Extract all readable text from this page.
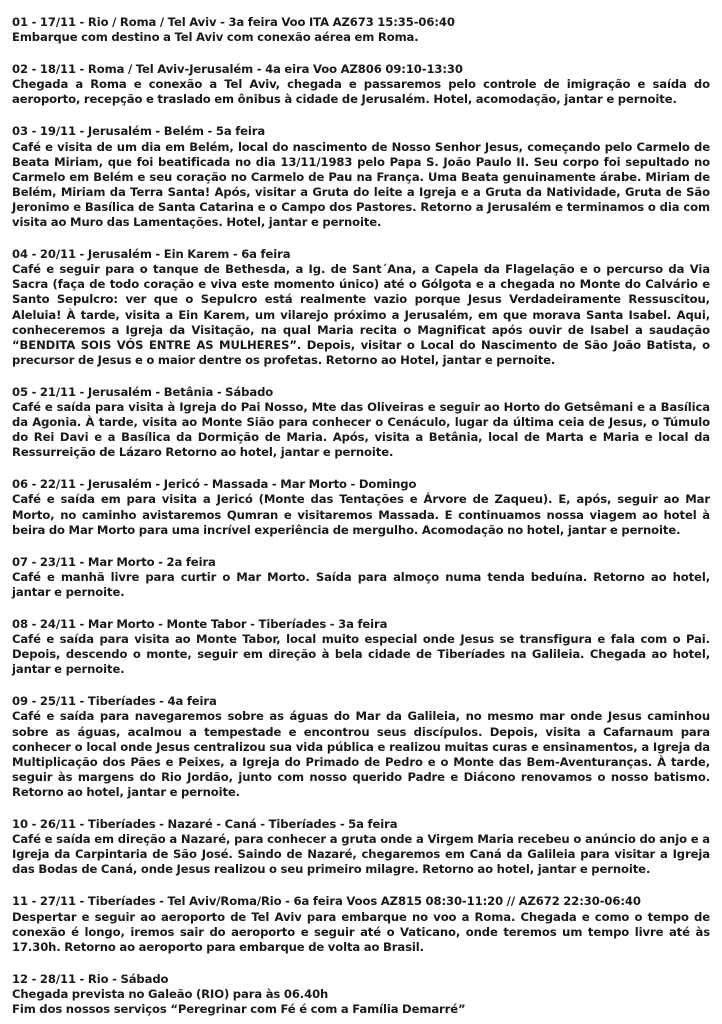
01 - 17/11 - Rio / Roma / Tel Aviv - 3a feira Voo ITA AZ673 15:35-06:40

Embarque com destino a Tel Aviv com conexão aérea em Roma.

02 - 18/11 - Roma / Tel Aviv-Jerusalém - 4a eira Voo AZ806 09:10-13:30

Chegada a Roma e conexão a Tel Aviv, chegada e passaremos pelo controle de imigração e saída do aeroporto, recepção e traslado em ônibus à cidade de Jerusalém. Hotel, acomodação, jantar e pernoite.

03 - 19/11 - Jerusalém - Belém - 5a feira

Café e visita de um dia em Belém, local do nascimento de Nosso Senhor Jesus, começando pelo Carmelo de Beata Miriam, que foi beatificada no dia 13/11/1983 pelo Papa S. João Paulo II. Seu corpo foi sepultado no Carmelo em Belém e seu coração no Carmelo de Pau na França. Uma Beata genuinamente árabe. Miriam de Belém, Miriam da Terra Santa! Após, visitar a Gruta do leite a Igreja e a Gruta da Natividade, Gruta de São Jeronimo e Basílica de Santa Catarina e o Campo dos Pastores. Retorno a Jerusalém e terminamos o dia com visita ao Muro das Lamentações. Hotel, jantar e pernoite.

04 - 20/11 - Jerusalém - Ein Karem - 6a feira

Café e seguir para o tanque de Bethesda, a Ig. de Sant´Ana, a Capela da Flagelação e o percurso da Via Sacra (faça de todo coração e viva este momento único) até o Gólgota e a chegada no Monte do Calvário e Santo Sepulcro: ver que o Sepulcro está realmente vazio porque Jesus Verdadeiramente Ressuscitou, Aleluia! À tarde, visita a Ein Karem, um vilarejo próximo a Jerusalém, em que morava Santa Isabel. Aqui, conheceremos a Igreja da Visitação, na qual Maria recita o Magnificat após ouvir de Isabel a saudação “BENDITA SOIS VÓS ENTRE AS MULHERES”. Depois, visitar o Local do Nascimento de São João Batista, o precursor de Jesus e o maior dentre os profetas. Retorno ao Hotel, jantar e pernoite.

05 - 21/11 - Jerusalém - Betânia - Sábado

Café e saída para visita à Igreja do Pai Nosso, Mte das Oliveiras e seguir ao Horto do Getsêmani e a Basílica da Agonia. À tarde, visita ao Monte Sião para conhecer o Cenáculo, lugar da última ceia de Jesus, o Túmulo do Rei Davi e a Basílica da Dormição de Maria. Após, visita a Betânia, local de Marta e Maria e local da Ressurreição de Lázaro Retorno ao hotel, jantar e pernoite.

06 - 22/11 - Jerusalém - Jericó - Massada - Mar Morto - Domingo

Café e saída em para visita a Jericó (Monte das Tentações e Árvore de Zaqueu). E, após, seguir ao Mar Morto, no caminho avistaremos Qumran e visitaremos Massada. E continuamos nossa viagem ao hotel à beira do Mar Morto para uma incrível experiência de mergulho. Acomodação no hotel, jantar e pernoite.

07 - 23/11 - Mar Morto - 2a feira

Café e manhã livre para curtir o Mar Morto. Saída para almoço numa tenda beduína. Retorno ao hotel, jantar e pernoite.

08 - 24/11 - Mar Morto - Monte Tabor - Tiberíades - 3a feira

Café e saída para visita ao Monte Tabor, local muito especial onde Jesus se transfigura e fala com o Pai. Depois, descendo o monte, seguir em direção à bela cidade de Tiberíades na Galileia. Chegada ao hotel, jantar e pernoite.

09 - 25/11 - Tiberíades - 4a feira

Café e saída para navegaremos sobre as águas do Mar da Galileia, no mesmo mar onde Jesus caminhou sobre as águas, acalmou a tempestade e encontrou seus discípulos. Depois, visita a Cafarnaum para conhecer o local onde Jesus centralizou sua vida pública e realizou muitas curas e ensinamentos, a Igreja da Multiplicação dos Pães e Peixes, a Igreja do Primado de Pedro e o Monte das Bem-Aventuranças. À tarde, seguir às margens do Rio Jordão, junto com nosso querido Padre e Diácono renovamos o nosso batismo. Retorno ao hotel, jantar e pernoite.

10 - 26/11 - Tiberíades - Nazaré - Caná - Tiberíades - 5a feira

Café e saída em direção a Nazaré, para conhecer a gruta onde a Virgem Maria recebeu o anúncio do anjo e a Igreja da Carpintaria de São José. Saindo de Nazaré, chegaremos em Caná da Galileia para visitar a Igreja das Bodas de Caná, onde Jesus realizou o seu primeiro milagre. Retorno ao hotel, jantar e pernoite.

11 - 27/11 - Tiberíades - Tel Aviv/Roma/Rio - 6a feira Voos AZ815 08:30-11:20 // AZ672 22:30-06:40

Despertar e seguir ao aeroporto de Tel Aviv para embarque no voo a Roma. Chegada e como o tempo de conexão é longo, iremos sair do aeroporto e seguir até o Vaticano, onde teremos um tempo livre até às 17.30h. Retorno ao aeroporto para embarque de volta ao Brasil.

12 - 28/11 - Rio - Sábado

Chegada prevista no Galeão (RIO) para às 06.40h

Fim dos nossos serviços “Peregrinar com Fé é com a Família Demarré”
